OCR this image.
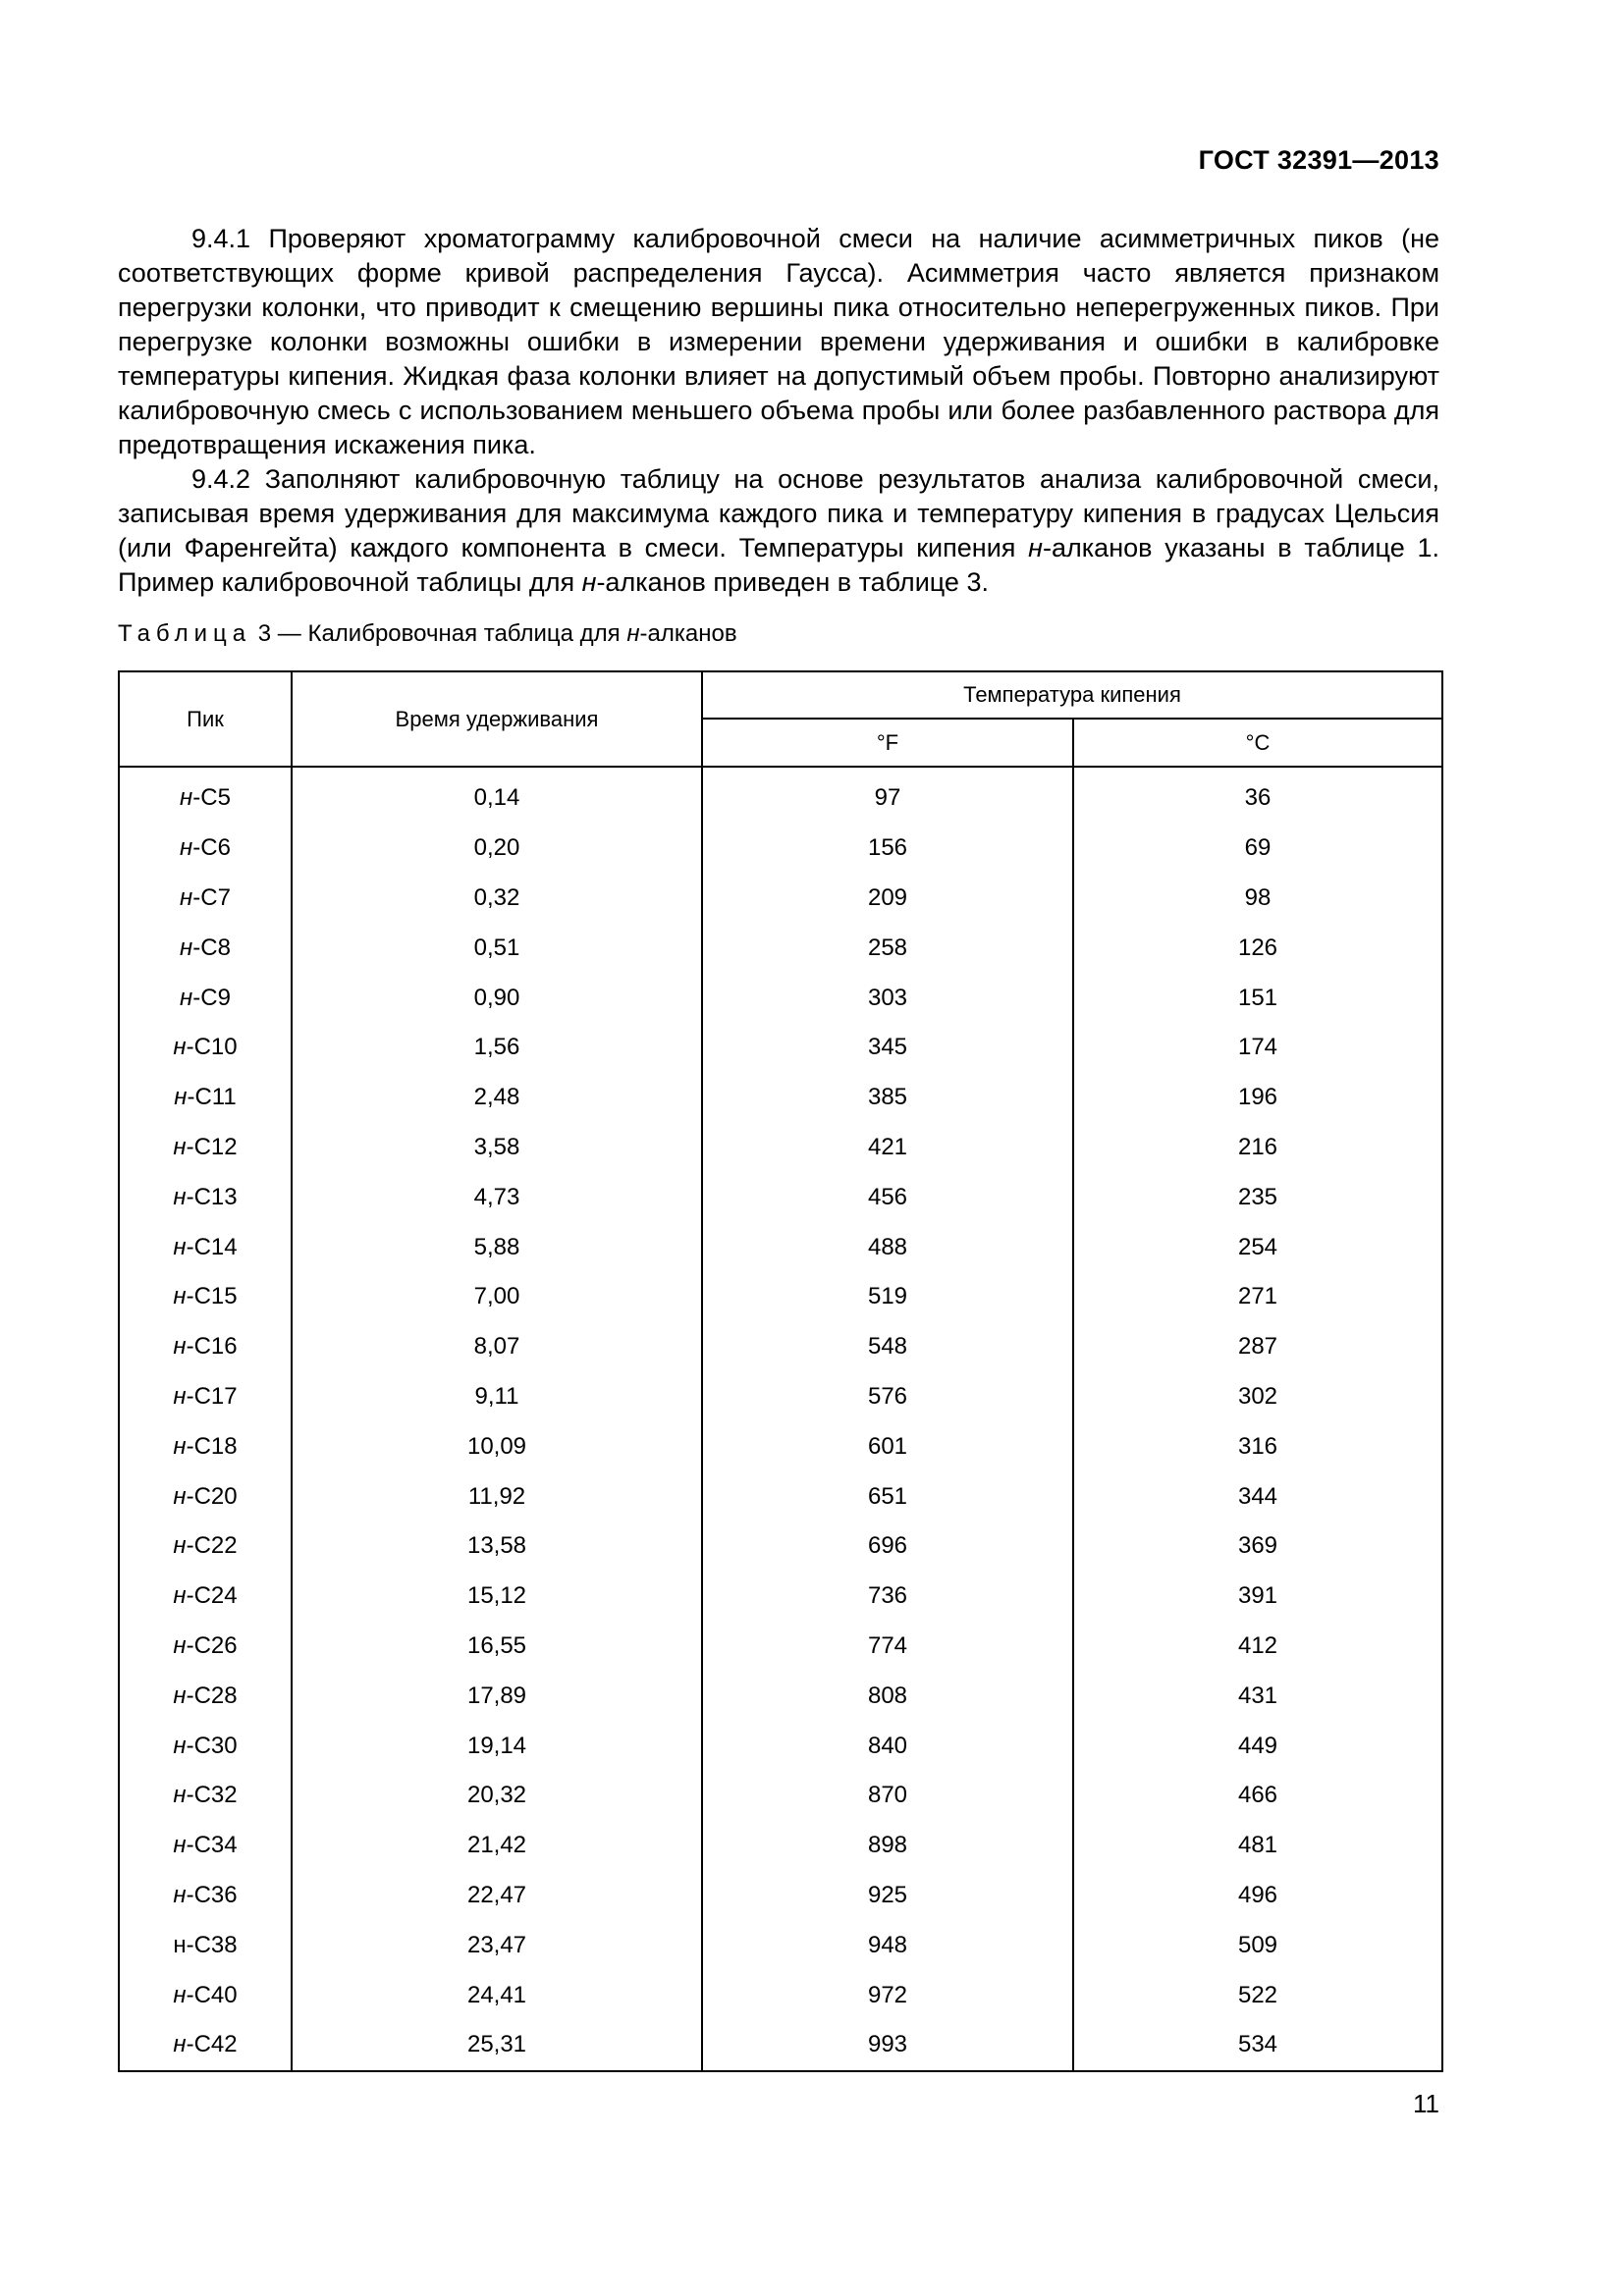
ГОСТ 32391—2013

9.4.1 Проверяют хроматограмму калибровочной смеси на наличие асимметричных пиков (не соответствующих форме кривой распределения Гаусса). Асимметрия часто является признаком перегрузки колонки, что приводит к смещению вершины пика относительно неперегруженных пиков. При перегрузке колонки возможны ошибки в измерении времени удерживания и ошибки в калибровке температуры кипения. Жидкая фаза колонки влияет на допустимый объем пробы. Повторно анализируют калибровочную смесь с использованием меньшего объема пробы или более разбавленного раствора для предотвращения искажения пика.

9.4.2 Заполняют калибровочную таблицу на основе результатов анализа калибровочной смеси, записывая время удерживания для максимума каждого пика и температуру кипения в градусах Цельсия (или Фаренгейта) каждого компонента в смеси. Температуры кипения н-алканов указаны в таблице 1. Пример калибровочной таблицы для н-алканов приведен в таблице 3.

Таблица 3 — Калибровочная таблица для н-алканов
Пик	Время удерживания	Температура кипения	
		°F	°C
н-C5	0,14	97	36
н-C6	0,20	156	69
н-C7	0,32	209	98
н-C8	0,51	258	126
н-C9	0,90	303	151
н-C10	1,56	345	174
н-C11	2,48	385	196
н-C12	3,58	421	216
н-C13	4,73	456	235
н-C14	5,88	488	254
н-C15	7,00	519	271
н-C16	8,07	548	287
н-C17	9,11	576	302
н-C18	10,09	601	316
н-C20	11,92	651	344
н-C22	13,58	696	369
н-C24	15,12	736	391
н-C26	16,55	774	412
н-C28	17,89	808	431
н-C30	19,14	840	449
н-C32	20,32	870	466
н-C34	21,42	898	481
н-C36	22,47	925	496
н-C38	23,47	948	509
н-C40	24,41	972	522
н-C42	25,31	993	534
11
